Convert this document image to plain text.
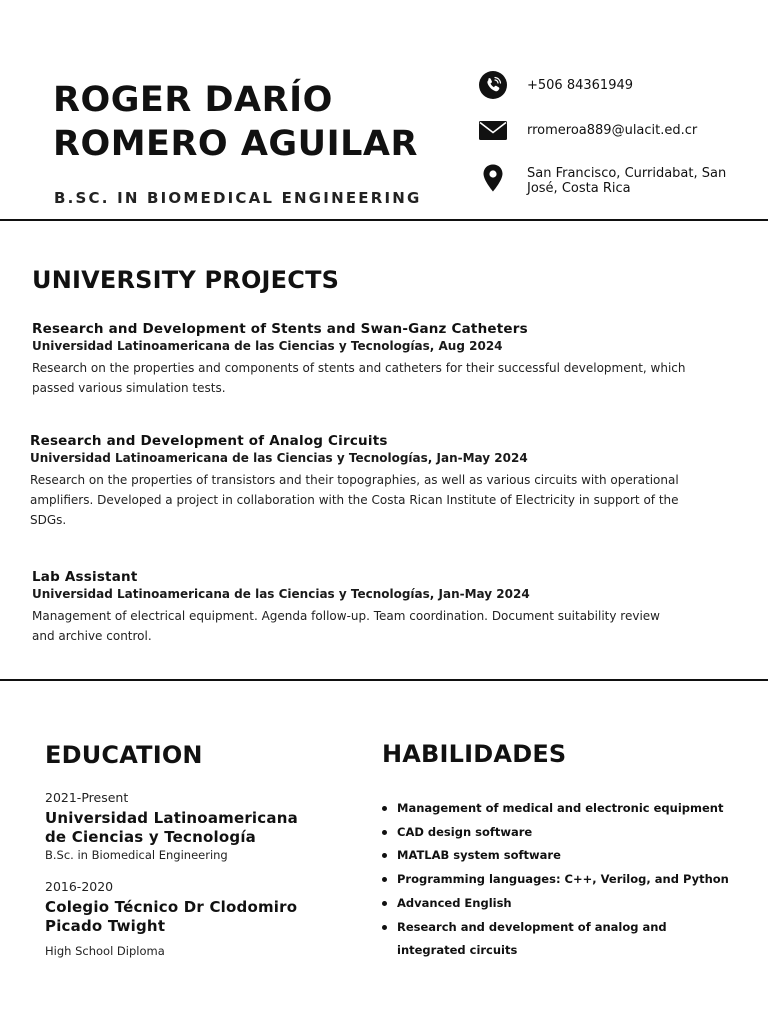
ROGER DARÍO
ROMERO AGUILAR
B.SC. IN BIOMEDICAL ENGINEERING
+506 84361949
rromeroa889@ulacit.ed.cr
San Francisco, Curridabat, San José, Costa Rica
UNIVERSITY PROJECTS
Research and Development of Stents and Swan-Ganz Catheters
Universidad Latinoamericana de las Ciencias y Tecnologías, Aug 2024
Research on the properties and components of stents and catheters for their successful development, which passed various simulation tests.
Research and Development of Analog Circuits
Universidad Latinoamericana de las Ciencias y Tecnologías, Jan-May 2024
Research on the properties of transistors and their topographies, as well as various circuits with operational amplifiers. Developed a project in collaboration with the Costa Rican Institute of Electricity in support of the SDGs.
Lab Assistant
Universidad Latinoamericana de las Ciencias y Tecnologías, Jan-May 2024
Management of electrical equipment. Agenda follow-up. Team coordination. Document suitability review and archive control.
EDUCATION
2021-Present
Universidad Latinoamericana de Ciencias y Tecnología
B.Sc. in Biomedical Engineering
2016-2020
Colegio Técnico Dr Clodomiro Picado Twight
High School Diploma
HABILIDADES
Management of medical and electronic equipment
CAD design software
MATLAB system software
Programming languages: C++, Verilog, and Python
Advanced English
Research and development of analog and integrated circuits
